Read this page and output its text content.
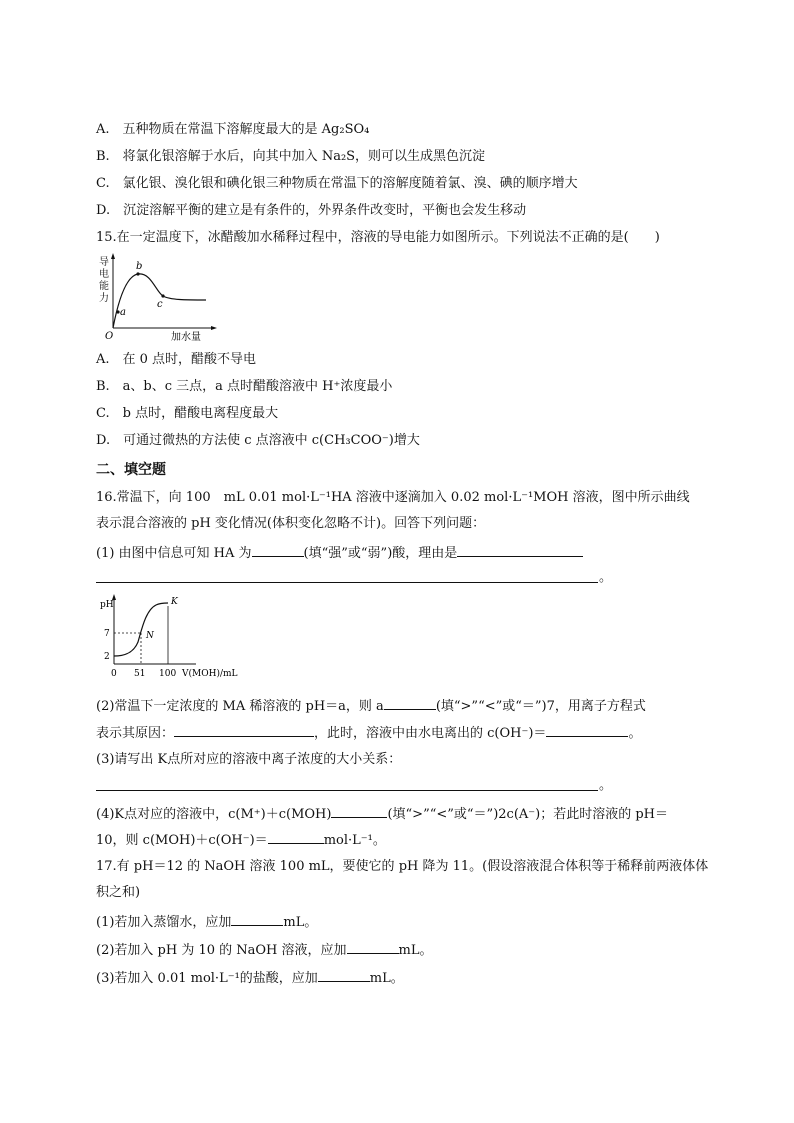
A.　五种物质在常温下溶解度最大的是 Ag₂SO₄
B.　将氯化银溶解于水后，向其中加入 Na₂S，则可以生成黑色沉淀
C.　氯化银、溴化银和碘化银三种物质在常温下的溶解度随着氯、溴、碘的顺序增大
D.　沉淀溶解平衡的建立是有条件的，外界条件改变时，平衡也会发生移动
15.在一定温度下，冰醋酸加水稀释过程中，溶液的导电能力如图所示。下列说法不正确的是(　　)
导
电
能
力
a
b
c
O	加水量
A.　在 0 点时，醋酸不导电
B.　a、b、c 三点，a 点时醋酸溶液中 H⁺浓度最小
C.　b 点时，醋酸电离程度最大
D.　可通过微热的方法使 c 点溶液中 c(CH₃COO⁻)增大
二、填空题
16.常温下，向 100　mL 0.01 mol·L⁻¹HA 溶液中逐滴加入 0.02 mol·L⁻¹MOH 溶液，图中所示曲线
表示混合溶液的 pH 变化情况(体积变化忽略不计)。回答下列问题：
(1) 由图中信息可知 HA 为	(填“强”或“弱”)酸，理由是
。
pH
7
2
N
K
0 51 100 V(MOH)/mL
(2)常温下一定浓度的 MA 稀溶液的 pH＝a，则 a	(填“>”“<”或“＝”)7，用离子方程式
表示其原因：	，此时，溶液中由水电离出的 c(OH⁻)＝	。
(3)请写出 K点所对应的溶液中离子浓度的大小关系：
。
(4)K点对应的溶液中，c(M⁺)＋c(MOH)	(填“>”“<”或“＝”)2c(A⁻)；若此时溶液的 pH＝
10，则 c(MOH)＋c(OH⁻)＝	mol·L⁻¹。
17.有 pH＝12 的 NaOH 溶液 100 mL，要使它的 pH 降为 11。(假设溶液混合体积等于稀释前两液体体
积之和)
(1)若加入蒸馏水，应加	mL。
(2)若加入 pH 为 10 的 NaOH 溶液，应加	mL。
(3)若加入 0.01 mol·L⁻¹的盐酸，应加	mL。
